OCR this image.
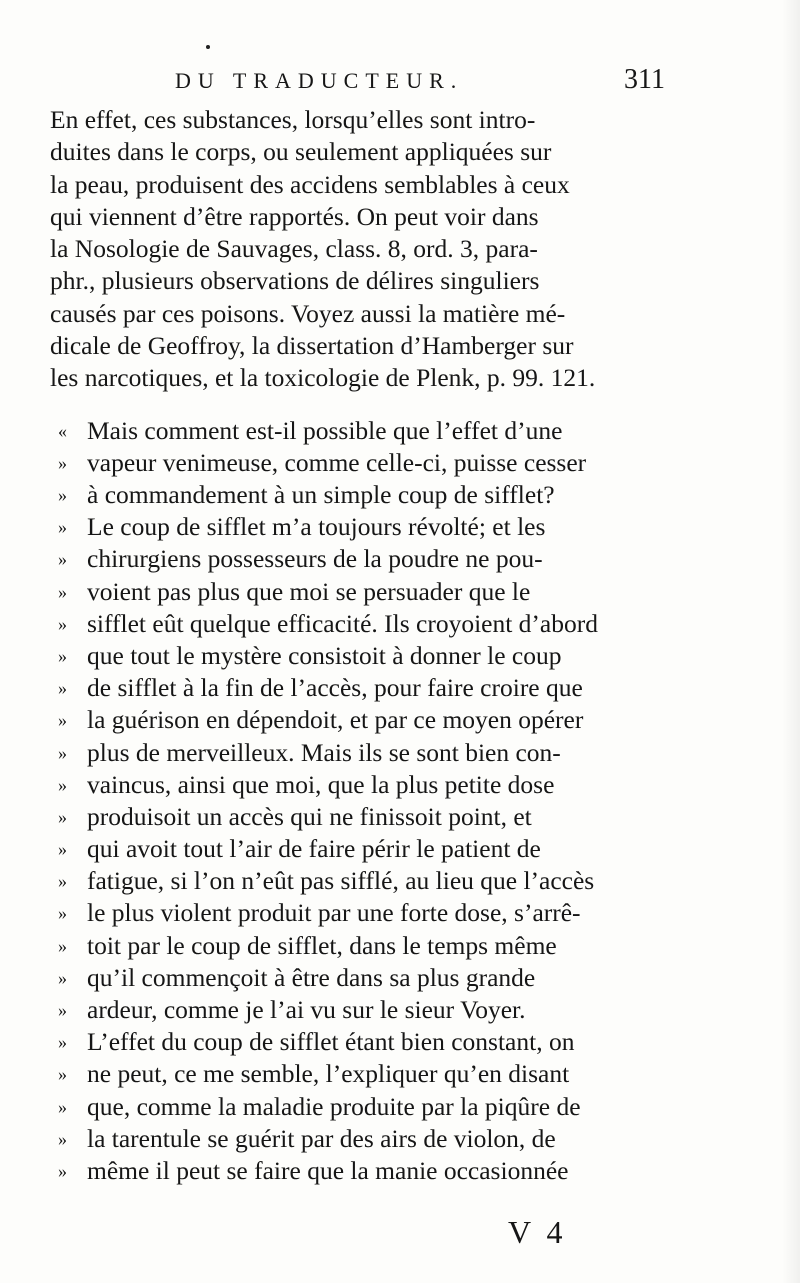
DU TRADUCTEUR.	311
En effet, ces substances, lorsqu’elles sont intro-
duites dans le corps, ou seulement appliquées sur
la peau, produisent des accidens semblables à ceux
qui viennent d’être rapportés. On peut voir dans
la Nosologie de Sauvages, class. 8, ord. 3, para-
phr., plusieurs observations de délires singuliers
causés par ces poisons. Voyez aussi la matière mé-
dicale de Geoffroy, la dissertation d’Hamberger sur
les narcotiques, et la toxicologie de Plenk, p. 99. 121.
« Mais comment est-il possible que l’effet d’une
» vapeur venimeuse, comme celle-ci, puisse cesser
» à commandement à un simple coup de sifflet?
» Le coup de sifflet m’a toujours révolté; et les
» chirurgiens possesseurs de la poudre ne pou-
» voient pas plus que moi se persuader que le
» sifflet eût quelque efficacité. Ils croyoient d’abord
» que tout le mystère consistoit à donner le coup
» de sifflet à la fin de l’accès, pour faire croire que
» la guérison en dépendoit, et par ce moyen opérer
» plus de merveilleux. Mais ils se sont bien con-
» vaincus, ainsi que moi, que la plus petite dose
» produisoit un accès qui ne finissoit point, et
» qui avoit tout l’air de faire périr le patient de
» fatigue, si l’on n’eût pas sifflé, au lieu que l’accès
» le plus violent produit par une forte dose, s’arrê-
» toit par le coup de sifflet, dans le temps même
» qu’il commençoit à être dans sa plus grande
» ardeur, comme je l’ai vu sur le sieur Voyer.
» L’effet du coup de sifflet étant bien constant, on
» ne peut, ce me semble, l’expliquer qu’en disant
» que, comme la maladie produite par la piqûre de
» la tarentule se guérit par des airs de violon, de
» même il peut se faire que la manie occasionnée
V 4
